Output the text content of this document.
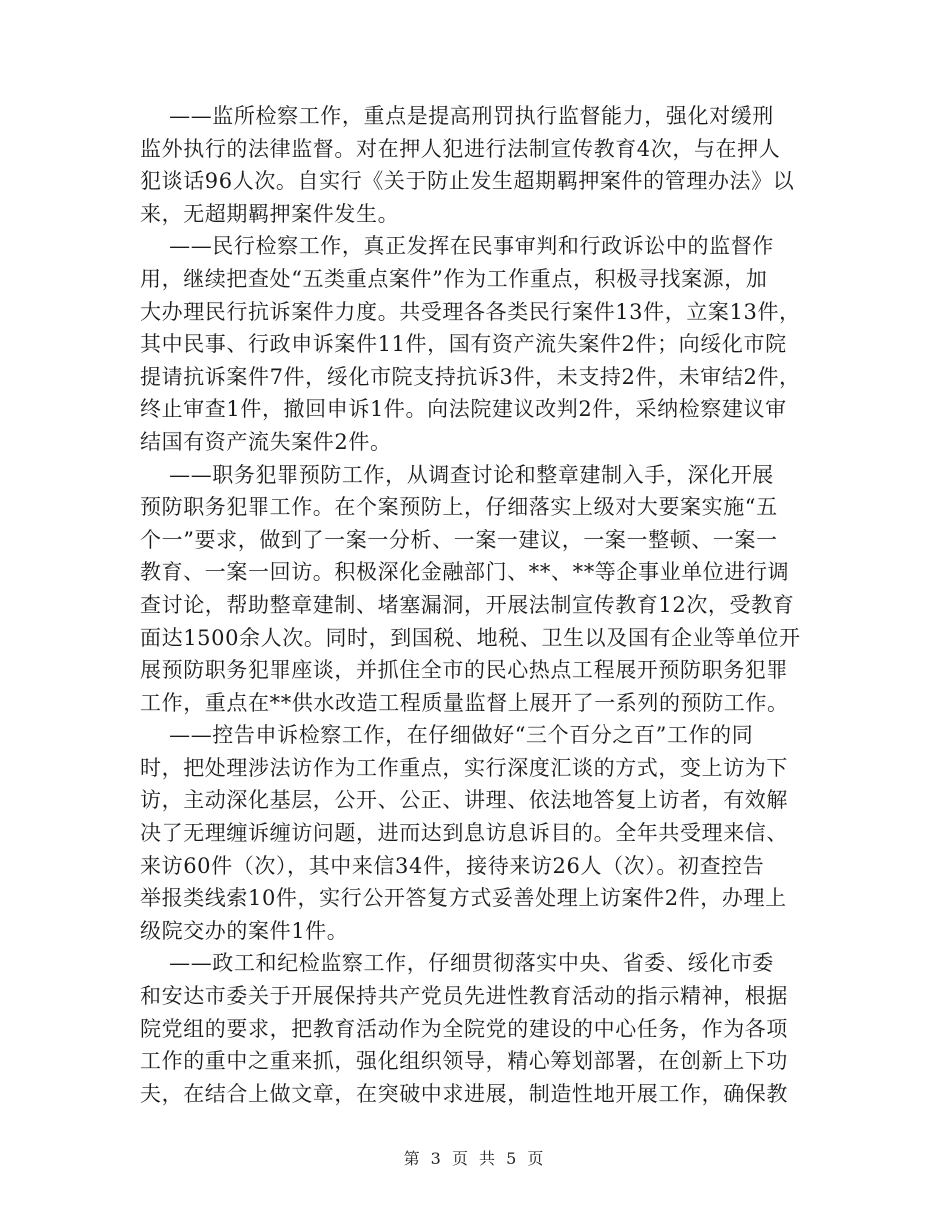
——监所检察工作，重点是提高刑罚执行监督能力，强化对缓刑
监外执行的法律监督。对在押人犯进行法制宣传教育4次，与在押人
犯谈话96人次。自实行《关于防止发生超期羁押案件的管理办法》以
来，无超期羁押案件发生。
——民行检察工作，真正发挥在民事审判和行政诉讼中的监督作
用，继续把查处“五类重点案件”作为工作重点，积极寻找案源，加
大办理民行抗诉案件力度。共受理各各类民行案件13件，立案13件，
其中民事、行政申诉案件11件，国有资产流失案件2件；向绥化市院
提请抗诉案件7件，绥化市院支持抗诉3件，未支持2件，未审结2件，
终止审查1件，撤回申诉1件。向法院建议改判2件，采纳检察建议审
结国有资产流失案件2件。
——职务犯罪预防工作，从调查讨论和整章建制入手，深化开展
预防职务犯罪工作。在个案预防上，仔细落实上级对大要案实施“五
个一”要求，做到了一案一分析、一案一建议，一案一整顿、一案一
教育、一案一回访。积极深化金融部门、**、**等企事业单位进行调
查讨论，帮助整章建制、堵塞漏洞，开展法制宣传教育12次，受教育
面达1500余人次。同时，到国税、地税、卫生以及国有企业等单位开
展预防职务犯罪座谈，并抓住全市的民心热点工程展开预防职务犯罪
工作，重点在**供水改造工程质量监督上展开了一系列的预防工作。
——控告申诉检察工作，在仔细做好“三个百分之百”工作的同
时，把处理涉法访作为工作重点，实行深度汇谈的方式，变上访为下
访，主动深化基层，公开、公正、讲理、依法地答复上访者，有效解
决了无理缠诉缠访问题，进而达到息访息诉目的。全年共受理来信、
来访60件（次），其中来信34件，接待来访26人（次）。初查控告
举报类线索10件，实行公开答复方式妥善处理上访案件2件，办理上
级院交办的案件1件。
——政工和纪检监察工作，仔细贯彻落实中央、省委、绥化市委
和安达市委关于开展保持共产党员先进性教育活动的指示精神，根据
院党组的要求，把教育活动作为全院党的建设的中心任务，作为各项
工作的重中之重来抓，强化组织领导，精心筹划部署，在创新上下功
夫，在结合上做文章，在突破中求进展，制造性地开展工作，确保教
第 3 页 共 5 页
